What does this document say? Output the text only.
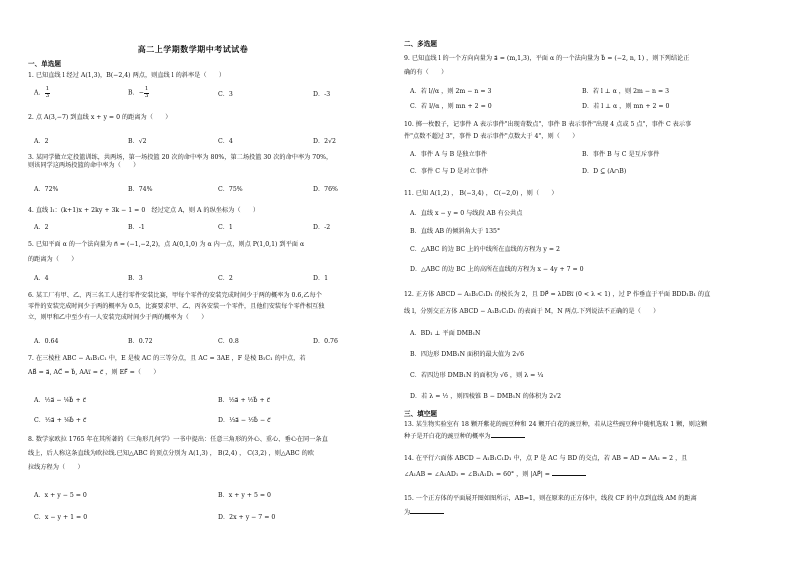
高二上学期数学期中考试试卷
一、单选题
1. 已知直线 l 经过 A(1,3)，B(−2,4) 两点，则直线 l 的斜率是（　　）
A． $\frac{1}{3}$	B．− $\frac{1}{3}$	C．3	D．-3
2. 点 A(3,−7) 到直线 x + y = 0 的距离为（　　）
A．2	B．√2	C．4	D．2√2
3. 某同学做立定投篮训练，共两场，第一场投篮 20 次的命中率为 80%，第二场投篮 30 次的命中率为 70%，
则该同学这两场投篮的命中率为（　　）
A．72%	B．74%	C．75%	D．76%
4. 直线 l₁：(k+1)x + 2ky + 3k − 1 = 0　经过定点 A，则 A 的纵坐标为（　　）
A．2	B．-1	C．1	D．-2
5. 已知平面 α 的一个法向量为 n⃗ = (−1,−2,2)，点 A(0,1,0) 为 α 内一点，则点 P(1,0,1) 到平面 α
的距离为（　　）
A．4	B．3	C．2	D．1
6. 某工厂有甲、乙、丙三名工人进行零件安装比赛，甲每个零件的安装完成时间少于两的概率为 0.6,乙每个
零件的安装完成时间少于两的概率为 0.5，比赛要求甲、乙、丙各安装一个零件，且他们安装每个零件相互独
立，则甲和乙中至少有一人安装完成时间少于两的概率为（　　）
A．0.64	B．0.72	C．0.8	D．0.76
7. 在三棱柱 ABC − A₁B₁C₁ 中，E 是棱 AC 的三等分点，且 AC = 3AE ，F 是棱 B₁C₁ 的中点，若
AB⃗ = a⃗, AC⃗ = b⃗, AA₁⃗ = c⃗ ，则 EF⃗ =（　　）
A．½a⃗ − ⅙b⃗ + c⃗	B．⅓a⃗ + ½b⃗ + c⃗
C．½a⃗ + ⅙b⃗ + c⃗	D．⅓a⃗ − ½b⃗ − c⃗
8. 数学家欧拉 1765 年在其所著的《三角形几何学》一书中提出：任意三角形的外心、重心、垂心在同一条直
线上，后人称这条直线为欧拉线.已知△ABC 的顶点分别为 A(1,3) ， B(2,4) ， C(3,2) ，则△ABC 的欧
拉线方程为（　　）
A．x + y − 5 = 0	B．x + y + 5 = 0
C．x − y + 1 = 0	D．2x + y − 7 = 0
二、多选题
9. 已知直线 l 的一个方向向量为 a⃗ = (m,1,3)，平面 α 的一个法向量为 b⃗ = (−2, n, 1) ，则下列结论正
确的有（　　）
A．若 l//α ，则 2m − n = 3	B．若 l ⊥ α ，则 2m − n = 3
C．若 l//α ，则 mn + 2 = 0	D．若 l ⊥ α ，则 mn + 2 = 0
10. 掷一枚骰子，记事件 A 表示事件"出现奇数点"，事件 B 表示事件"出现 4 点或 5 点"，事件 C 表示事
件"点数不超过 3"，事件 D 表示事件"点数大于 4"，则（　　）
A．事件 A 与 B 是独立事件	B．事件 B 与 C 是互斥事件
C．事件 C 与 D 是对立事件	D．D ⊆ (A∩B)
11. 已知 A(1,2) ， B(−3,4) ， C(−2,0) ，则（　　）
A．直线 x − y = 0 与线段 AB 有公共点
B．直线 AB 的倾斜角大于 135°
C．△ABC 的边 BC 上的中线所在直线的方程为 y = 2
D．△ABC 的边 BC 上的高所在直线的方程为 x − 4y + 7 = 0
12. 正方体 ABCD − A₁B₁C₁D₁ 的棱长为 2，且 DP⃗ = λDB₁⃗ (0 < λ < 1) ，过 P 作垂直于平面 BDD₁B₁ 的直
线 l，分别交正方体 ABCD − A₁B₁C₁D₁ 的表面于 M，N 两点.下列说法不正确的是（　　）
A．BD₁ ⊥ 平面 DMB₁N
B．四边形 DMB₁N 面积的最大值为 2√6
C．若四边形 DMB₁N 的面积为 √6 ，则 λ = ¼
D．若 λ = ½ ，则四棱锥 B − DMB₁N 的体积为 2√2
三、填空题
13. 某生物实验室有 18 颗开紫花的豌豆种和 24 颗开白花的豌豆种，若从这些豌豆种中随机选取 1 颗，则这颗
种子是开白花的豌豆种的概率为
14. 在平行六面体 ABCD − A₁B₁C₁D₁ 中，点 P 是 AC 与 BD 的交点，若 AB = AD = AA₁ = 2 ，且
∠A₁AB = ∠A₁AD₁ = ∠B₁A₁D₁ = 60° ，则 |AP⃗| =
15. 一个正方体的平面展开图如图所示，AB=1，则在原来的正方体中，线段 CF 的中点到直线 AM 的距离
为
